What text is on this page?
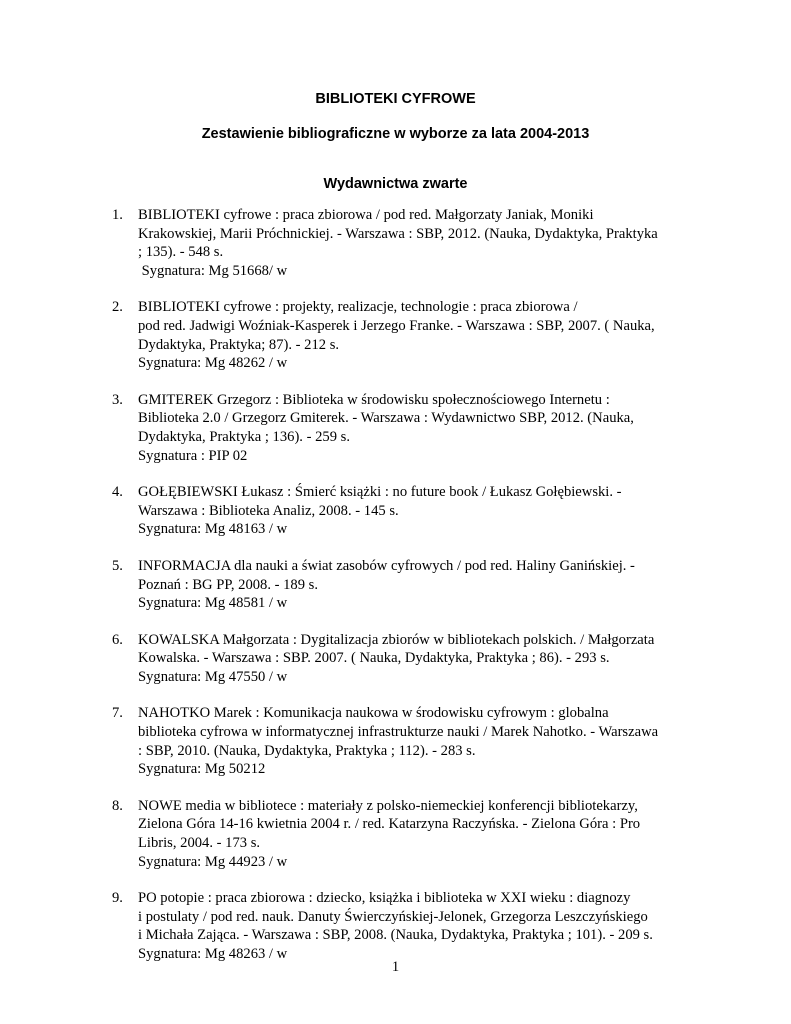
BIBLIOTEKI CYFROWE
Zestawienie bibliograficzne w wyborze za lata 2004-2013
Wydawnictwa zwarte
1. BIBLIOTEKI cyfrowe : praca zbiorowa / pod red. Małgorzaty Janiak, Moniki
Krakowskiej, Marii Próchnickiej. - Warszawa : SBP, 2012. (Nauka, Dydaktyka, Praktyka
; 135). - 548 s.
Sygnatura: Mg 51668/ w
2. BIBLIOTEKI cyfrowe : projekty, realizacje, technologie : praca zbiorowa /
pod red. Jadwigi Woźniak-Kasperek i Jerzego Franke. - Warszawa : SBP, 2007. ( Nauka,
Dydaktyka, Praktyka; 87). - 212 s.
Sygnatura: Mg 48262 / w
3. GMITEREK Grzegorz : Biblioteka w środowisku społecznościowego Internetu :
Biblioteka 2.0 / Grzegorz Gmiterek. - Warszawa : Wydawnictwo SBP, 2012. (Nauka,
Dydaktyka, Praktyka ; 136). - 259 s.
Sygnatura : PIP 02
4. GOŁĘBIEWSKI Łukasz : Śmierć książki : no future book / Łukasz Gołębiewski. -
Warszawa : Biblioteka Analiz, 2008. - 145 s.
Sygnatura: Mg 48163 / w
5. INFORMACJA dla nauki a świat zasobów cyfrowych / pod red. Haliny Ganińskiej. -
Poznań : BG PP, 2008. - 189 s.
Sygnatura: Mg 48581 / w
6. KOWALSKA Małgorzata : Dygitalizacja zbiorów w bibliotekach polskich. / Małgorzata
Kowalska. - Warszawa : SBP. 2007. ( Nauka, Dydaktyka, Praktyka ; 86). - 293 s.
Sygnatura: Mg 47550 / w
7. NAHOTKO Marek : Komunikacja naukowa w środowisku cyfrowym : globalna
biblioteka cyfrowa w informatycznej infrastrukturze nauki / Marek Nahotko. - Warszawa
: SBP, 2010. (Nauka, Dydaktyka, Praktyka ; 112). - 283 s.
Sygnatura: Mg 50212
8. NOWE media w bibliotece : materiały z polsko-niemeckiej konferencji bibliotekarzy,
Zielona Góra 14-16 kwietnia 2004 r. / red. Katarzyna Raczyńska. - Zielona Góra : Pro
Libris, 2004. - 173 s.
Sygnatura: Mg 44923 / w
9. PO potopie : praca zbiorowa : dziecko, książka i biblioteka w XXI wieku : diagnozy
i postulaty / pod red. nauk. Danuty Świerczyńskiej-Jelonek, Grzegorza Leszczyńskiego
i Michała Zająca. - Warszawa : SBP, 2008. (Nauka, Dydaktyka, Praktyka ; 101). - 209 s.
Sygnatura: Mg 48263 / w
1
